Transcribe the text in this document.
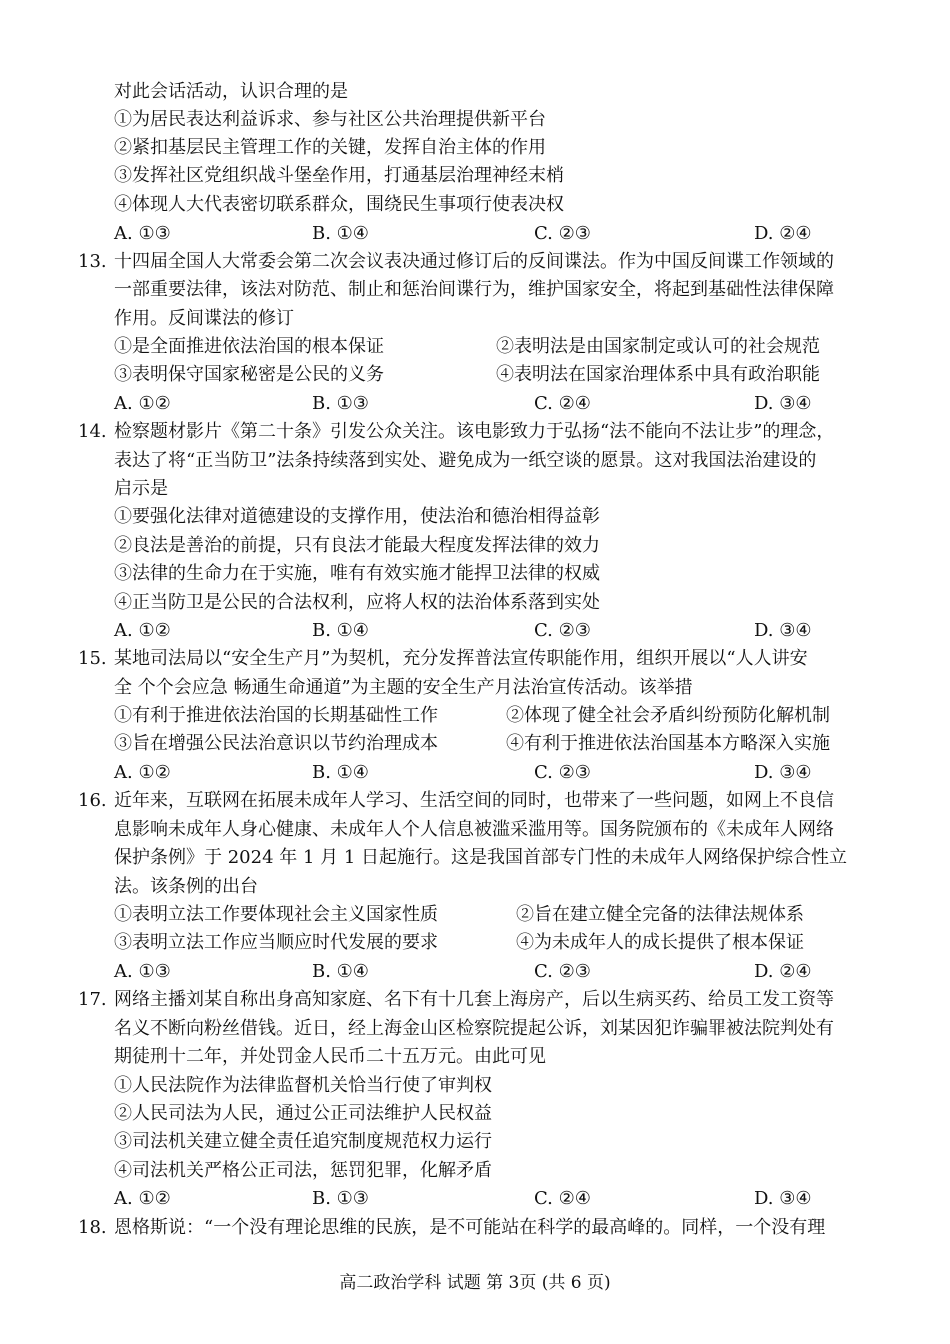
对此会话活动，认识合理的是
①为居民表达利益诉求、参与社区公共治理提供新平台
②紧扣基层民主管理工作的关键，发挥自治主体的作用
③发挥社区党组织战斗堡垒作用，打通基层治理神经末梢
④体现人大代表密切联系群众，围绕民生事项行使表决权
A. ①③	B. ①④	C. ②③	D. ②④
13. 十四届全国人大常委会第二次会议表决通过修订后的反间谍法。作为中国反间谍工作领域的
一部重要法律，该法对防范、制止和惩治间谍行为，维护国家安全，将起到基础性法律保障
作用。反间谍法的修订
①是全面推进依法治国的根本保证	②表明法是由国家制定或认可的社会规范
③表明保守国家秘密是公民的义务	④表明法在国家治理体系中具有政治职能
A. ①②	B. ①③	C. ②④	D. ③④
14. 检察题材影片《第二十条》引发公众关注。该电影致力于弘扬“法不能向不法让步”的理念，
表达了将“正当防卫”法条持续落到实处、避免成为一纸空谈的愿景。这对我国法治建设的
启示是
①要强化法律对道德建设的支撑作用，使法治和德治相得益彰
②良法是善治的前提，只有良法才能最大程度发挥法律的效力
③法律的生命力在于实施，唯有有效实施才能捍卫法律的权威
④正当防卫是公民的合法权利，应将人权的法治体系落到实处
A. ①②	B. ①④	C. ②③	D. ③④
15. 某地司法局以“安全生产月”为契机，充分发挥普法宣传职能作用，组织开展以“人人讲安
全 个个会应急 畅通生命通道”为主题的安全生产月法治宣传活动。该举措
①有利于推进依法治国的长期基础性工作	②体现了健全社会矛盾纠纷预防化解机制
③旨在增强公民法治意识以节约治理成本	④有利于推进依法治国基本方略深入实施
A. ①②	B. ①④	C. ②③	D. ③④
16. 近年来，互联网在拓展未成年人学习、生活空间的同时，也带来了一些问题，如网上不良信
息影响未成年人身心健康、未成年人个人信息被滥采滥用等。国务院颁布的《未成年人网络
保护条例》于 2024 年 1 月 1 日起施行。这是我国首部专门性的未成年人网络保护综合性立
法。该条例的出台
①表明立法工作要体现社会主义国家性质	②旨在建立健全完备的法律法规体系
③表明立法工作应当顺应时代发展的要求	④为未成年人的成长提供了根本保证
A. ①③	B. ①④	C. ②③	D. ②④
17. 网络主播刘某自称出身高知家庭、名下有十几套上海房产，后以生病买药、给员工发工资等
名义不断向粉丝借钱。近日，经上海金山区检察院提起公诉，刘某因犯诈骗罪被法院判处有
期徒刑十二年，并处罚金人民币二十五万元。由此可见
①人民法院作为法律监督机关恰当行使了审判权
②人民司法为人民，通过公正司法维护人民权益
③司法机关建立健全责任追究制度规范权力运行
④司法机关严格公正司法，惩罚犯罪，化解矛盾
A. ①②	B. ①③	C. ②④	D. ③④
18. 恩格斯说：“一个没有理论思维的民族，是不可能站在科学的最高峰的。同样，一个没有理
高二政治学科 试题 第 3页 (共 6 页)
